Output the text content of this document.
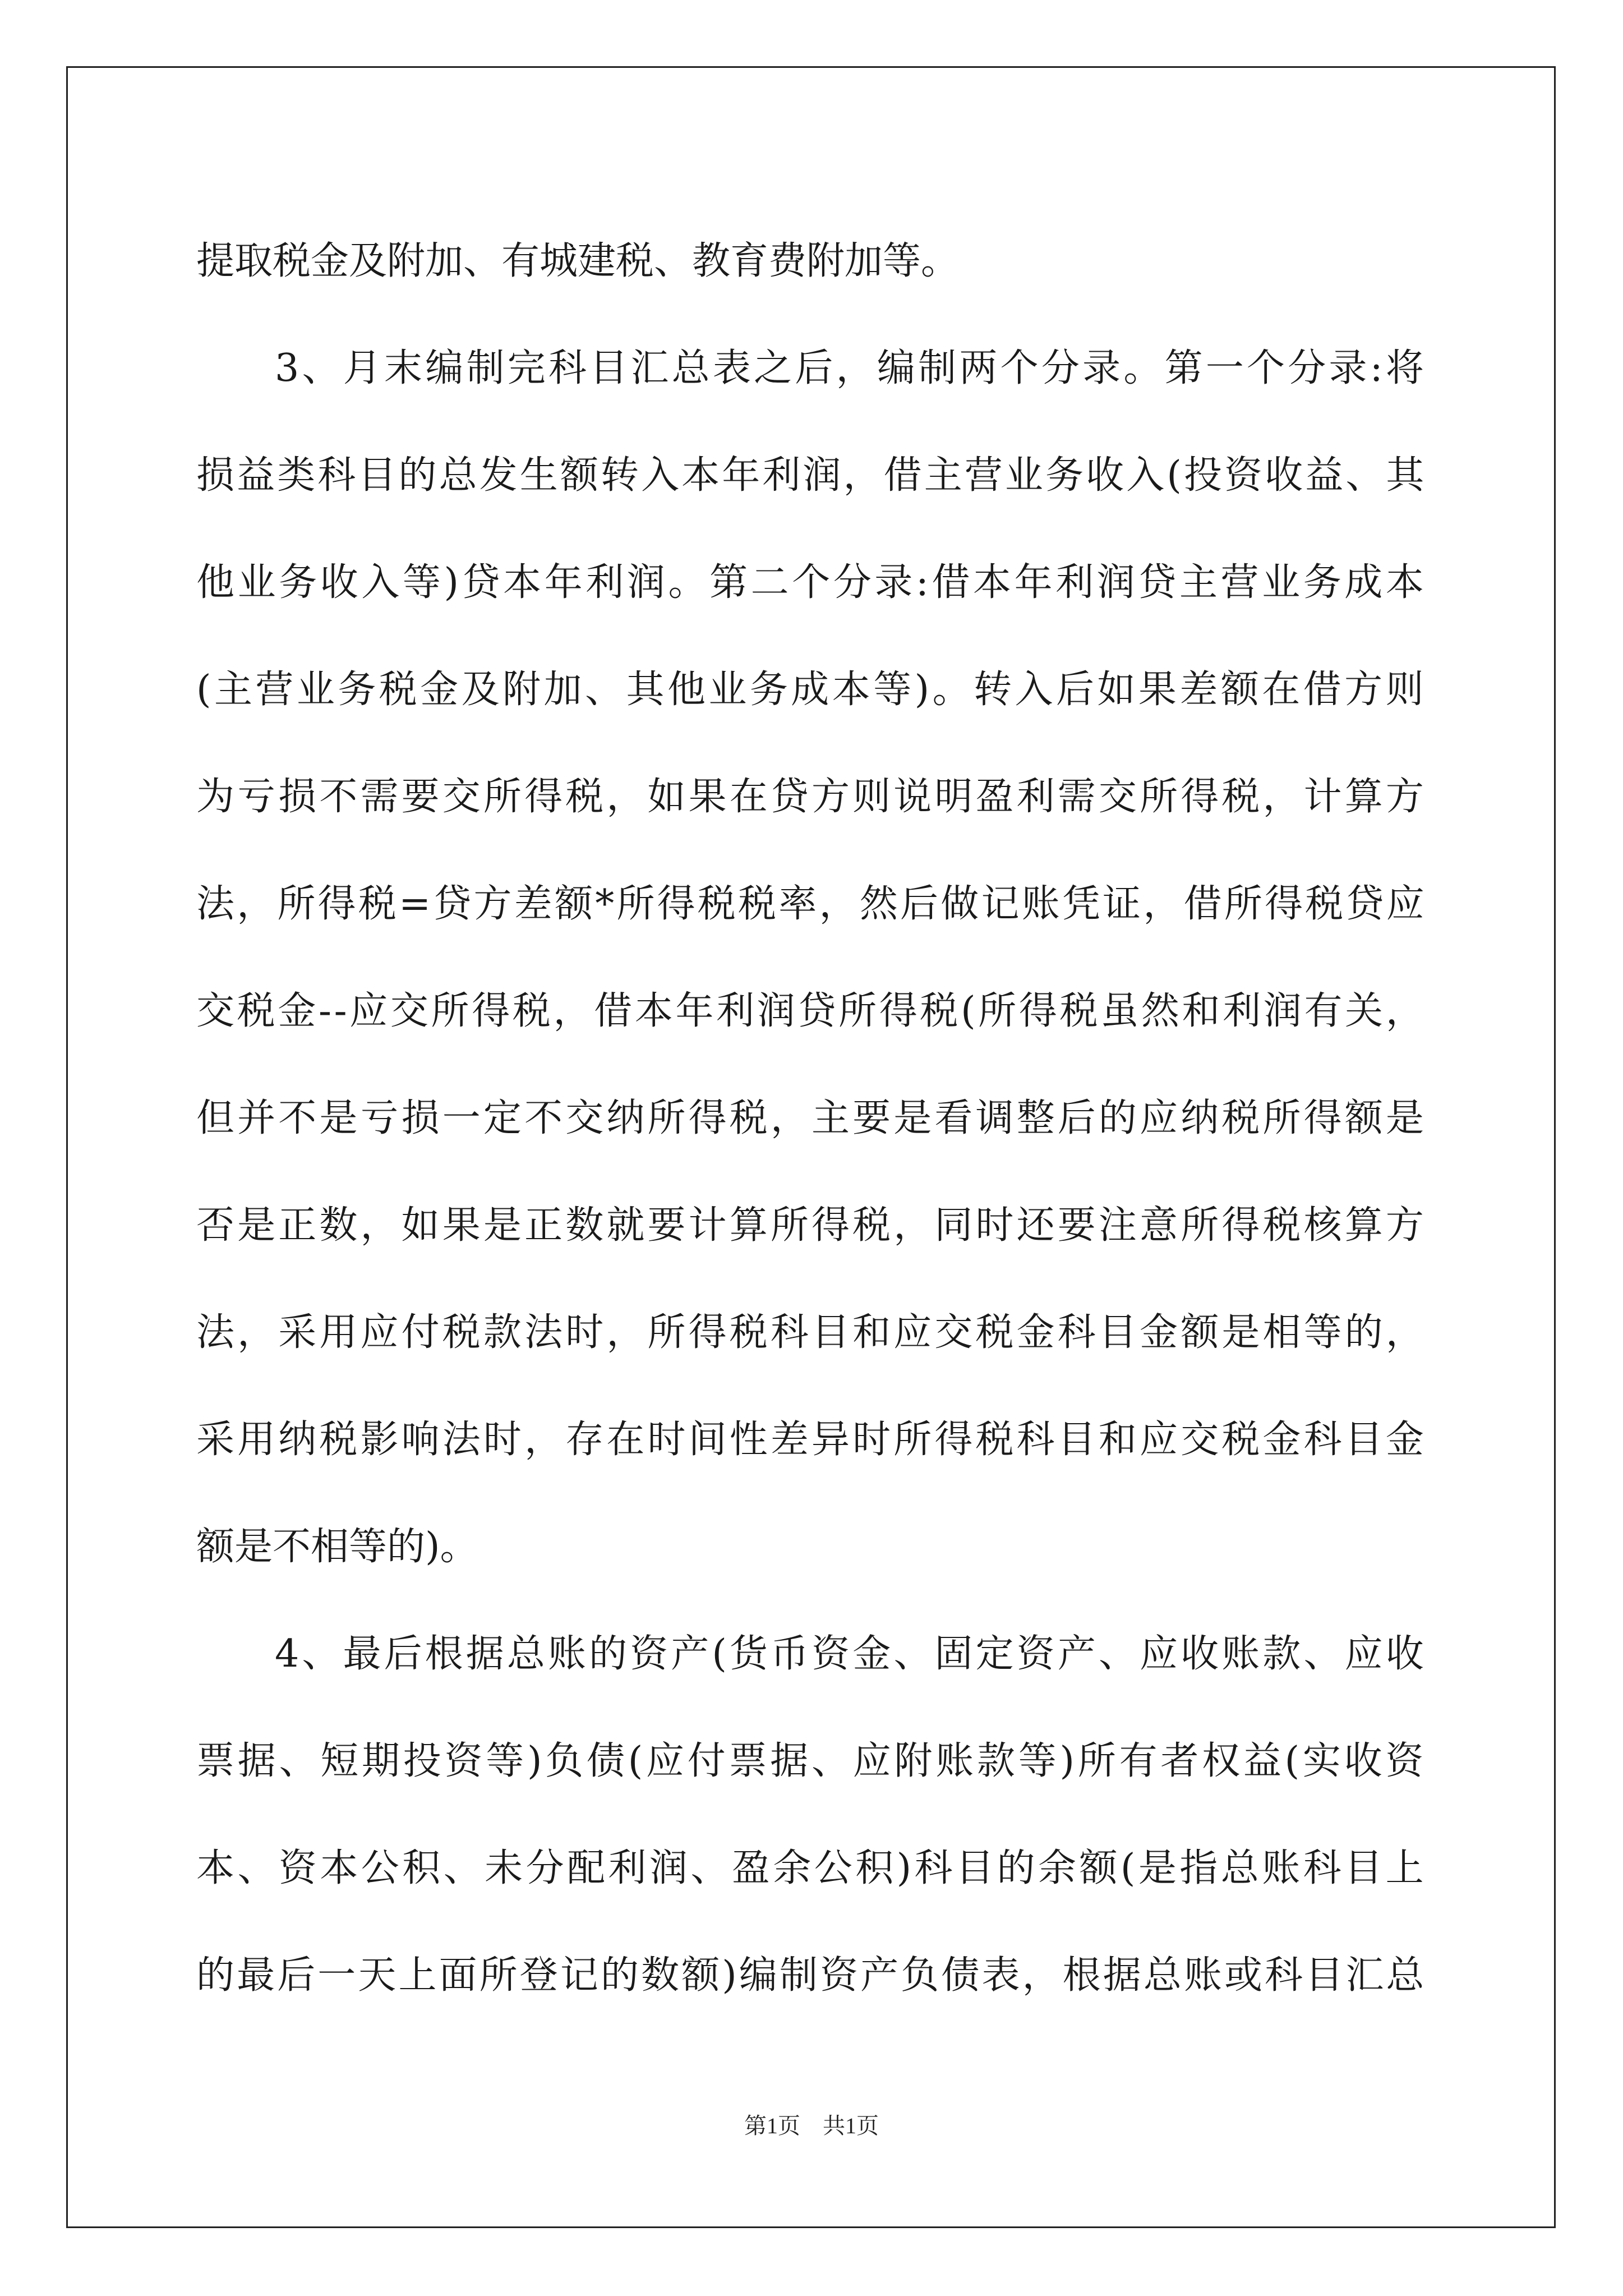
提取税金及附加、有城建税、教育费附加等。
3、月末编制完科目汇总表之后，编制两个分录。第一个分录:将
损益类科目的总发生额转入本年利润，借主营业务收入(投资收益、其
他业务收入等)贷本年利润。第二个分录:借本年利润贷主营业务成本
(主营业务税金及附加、其他业务成本等)。转入后如果差额在借方则
为亏损不需要交所得税，如果在贷方则说明盈利需交所得税，计算方
法，所得税=贷方差额*所得税税率，然后做记账凭证，借所得税贷应
交税金--应交所得税，借本年利润贷所得税(所得税虽然和利润有关，
但并不是亏损一定不交纳所得税，主要是看调整后的应纳税所得额是
否是正数，如果是正数就要计算所得税，同时还要注意所得税核算方
法，采用应付税款法时，所得税科目和应交税金科目金额是相等的，
采用纳税影响法时，存在时间性差异时所得税科目和应交税金科目金
额是不相等的)。
4、最后根据总账的资产(货币资金、固定资产、应收账款、应收
票据、短期投资等)负债(应付票据、应附账款等)所有者权益(实收资
本、资本公积、未分配利润、盈余公积)科目的余额(是指总账科目上
的最后一天上面所登记的数额)编制资产负债表，根据总账或科目汇总
第1页　共1页
